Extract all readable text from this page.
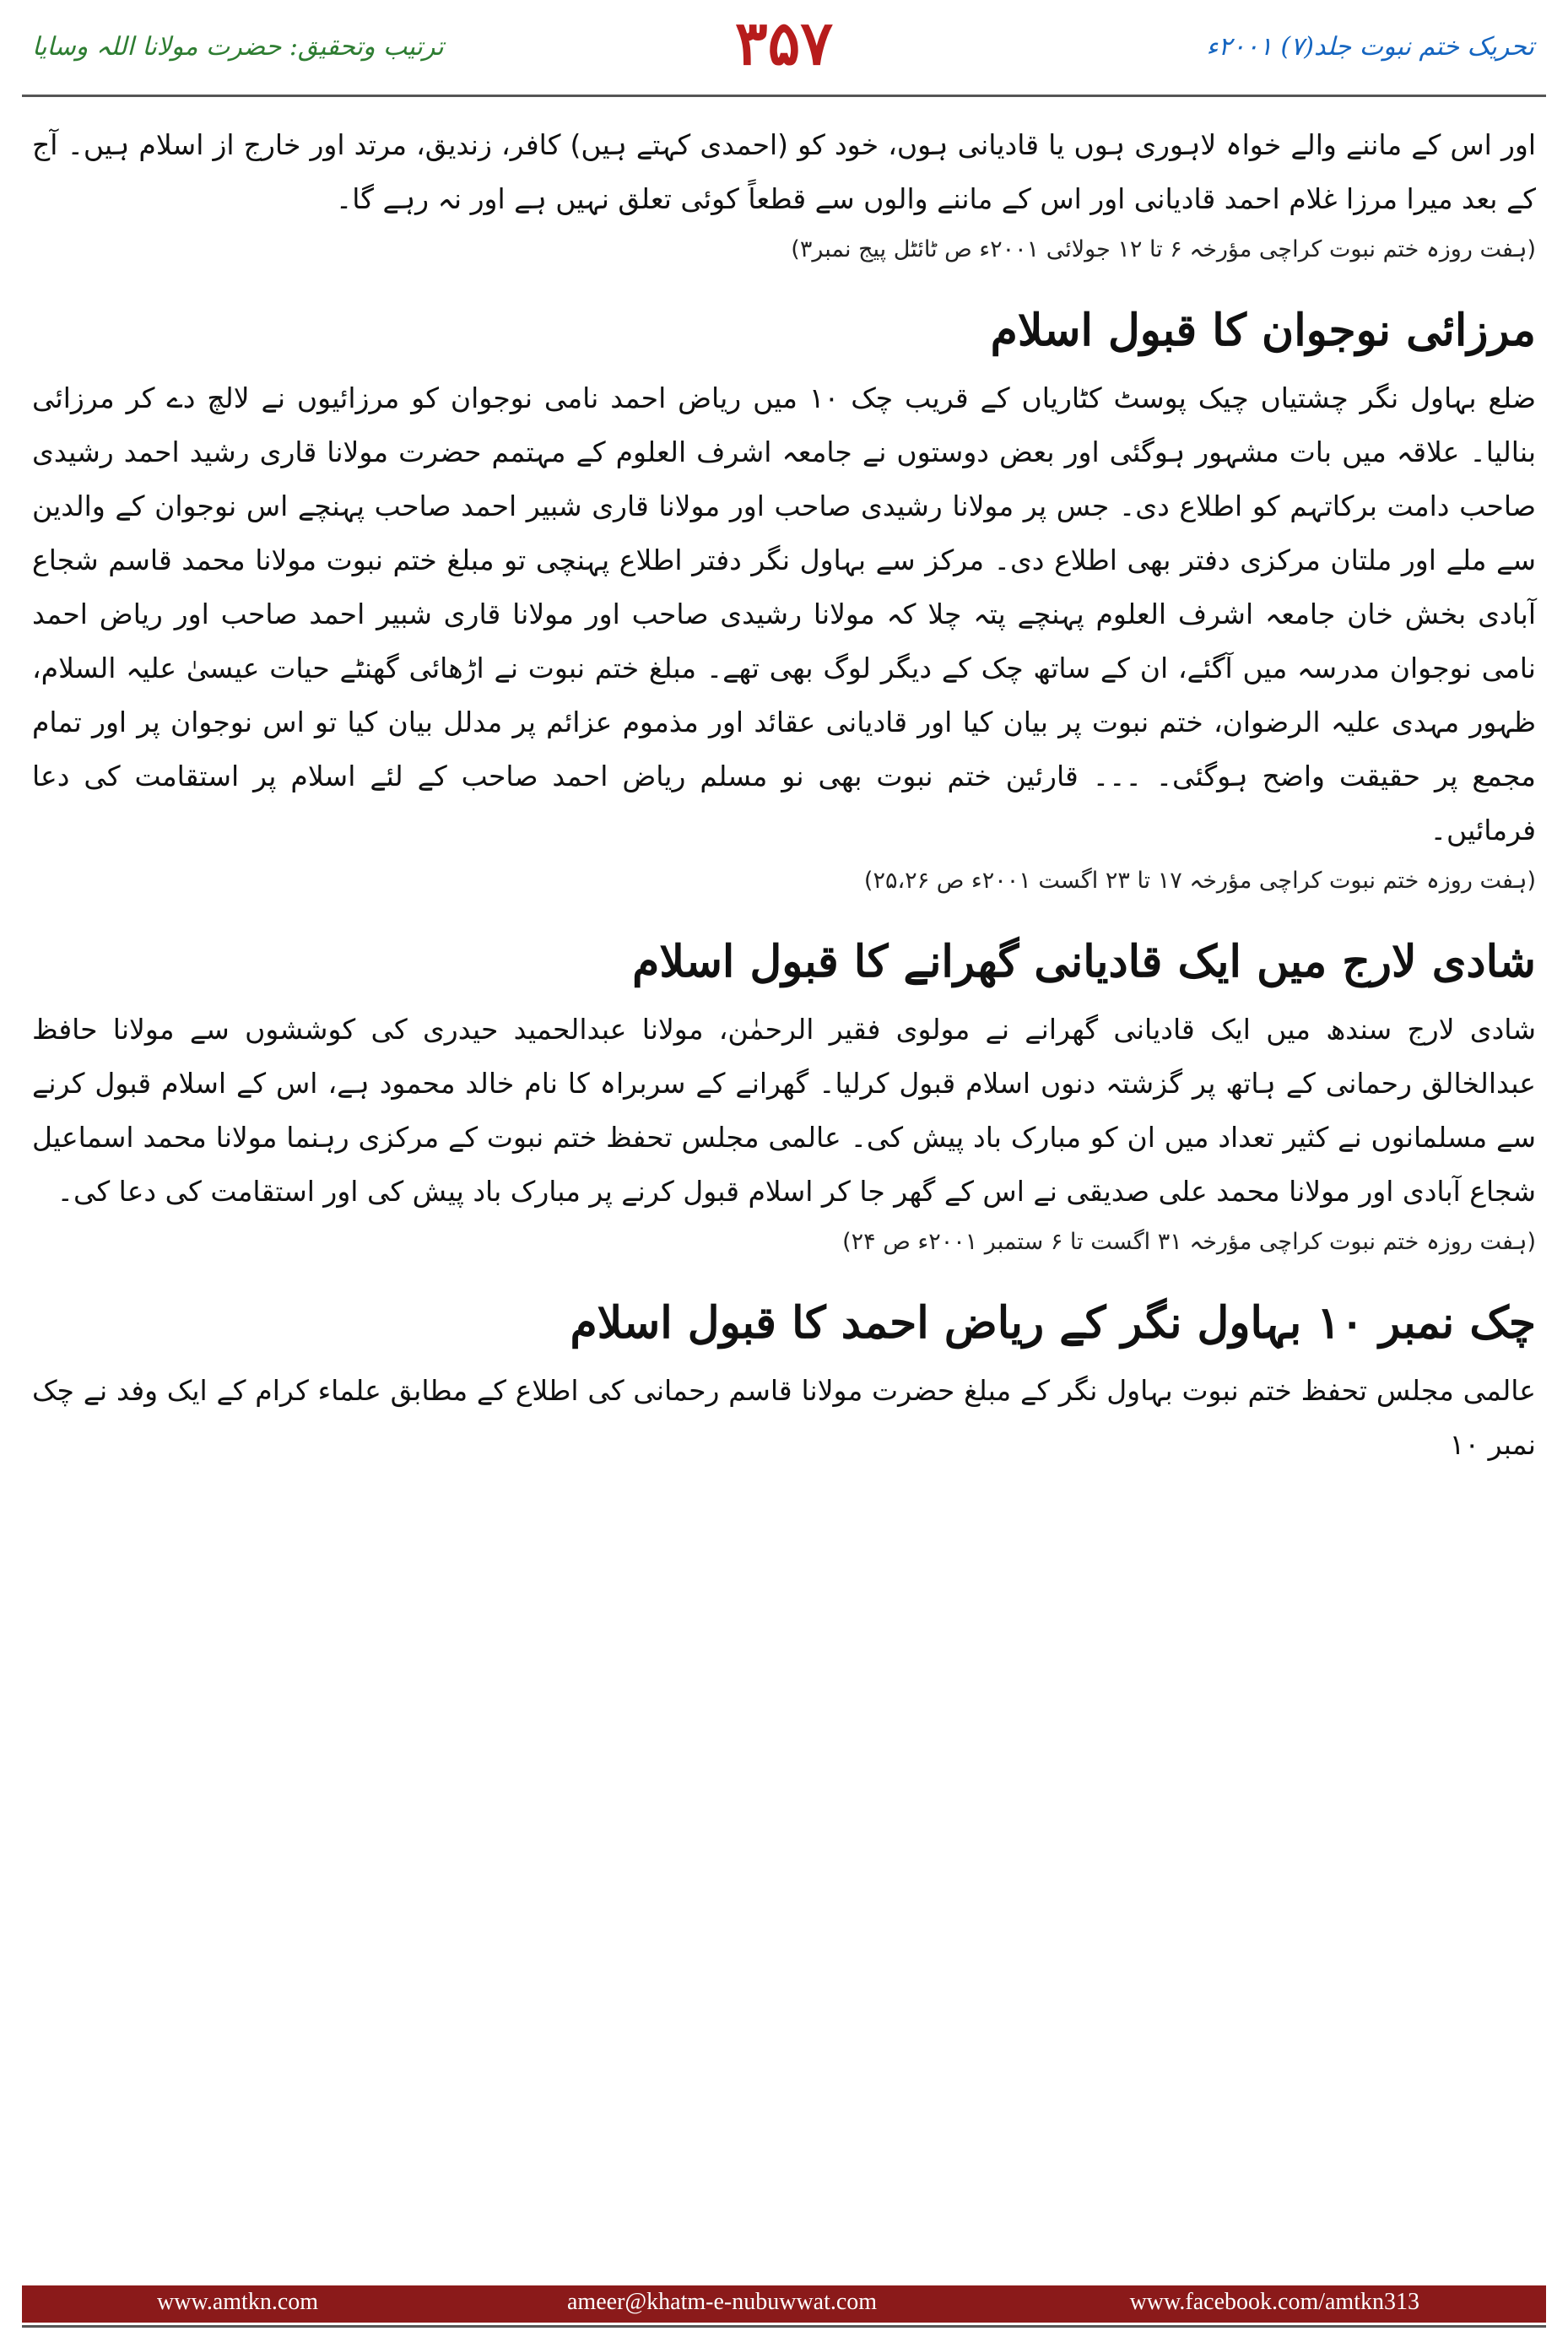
ترتیب وتحقیق: حضرت مولانا اللہ وسایا	۳۵۷	تحریک ختم نبوت جلد(۷) ۲۰۰۱ء

اور اس کے ماننے والے خواہ لاہوری ہوں یا قادیانی ہوں، خود کو (احمدی کہتے ہیں) کافر، زندیق، مرتد اور خارج از اسلام ہیں۔ آج کے بعد میرا مرزا غلام احمد قادیانی اور اس کے ماننے والوں سے قطعاً کوئی تعلق نہیں ہے اور نہ رہے گا۔

(ہفت روزہ ختم نبوت کراچی مؤرخہ ۶ تا ۱۲ جولائی ۲۰۰۱ء ص ٹائٹل پیج نمبر۳)
مرزائی نوجوان کا قبول اسلام

ضلع بہاول نگر چشتیاں چیک پوسٹ کٹاریاں کے قریب چک ۱۰ میں ریاض احمد نامی نوجوان کو مرزائیوں نے لالچ دے کر مرزائی بنالیا۔ علاقہ میں بات مشہور ہوگئی اور بعض دوستوں نے جامعہ اشرف العلوم کے مہتمم حضرت مولانا قاری رشید احمد رشیدی صاحب دامت برکاتہم کو اطلاع دی۔ جس پر مولانا رشیدی صاحب اور مولانا قاری شبیر احمد صاحب پہنچے اس نوجوان کے والدین سے ملے اور ملتان مرکزی دفتر بھی اطلاع دی۔ مرکز سے بہاول نگر دفتر اطلاع پہنچی تو مبلغ ختم نبوت مولانا محمد قاسم شجاع آبادی بخش خان جامعہ اشرف العلوم پہنچے پتہ چلا کہ مولانا رشیدی صاحب اور مولانا قاری شبیر احمد صاحب اور ریاض احمد نامی نوجوان مدرسہ میں آگئے، ان کے ساتھ چک کے دیگر لوگ بھی تھے۔ مبلغ ختم نبوت نے اڑھائی گھنٹے حیات عیسیٰ علیہ السلام، ظہور مہدی علیہ الرضوان، ختم نبوت پر بیان کیا اور قادیانی عقائد اور مذموم عزائم پر مدلل بیان کیا تو اس نوجوان پر اور تمام مجمع پر حقیقت واضح ہوگئی۔ ۔۔۔ قارئین ختم نبوت بھی نو مسلم ریاض احمد صاحب کے لئے اسلام پر استقامت کی دعا فرمائیں۔

(ہفت روزہ ختم نبوت کراچی مؤرخہ ۱۷ تا ۲۳ اگست ۲۰۰۱ء ص ۲۵،۲۶)
شادی لارج میں ایک قادیانی گھرانے کا قبول اسلام

شادی لارج سندھ میں ایک قادیانی گھرانے نے مولوی فقیر الرحمٰن، مولانا عبدالحمید حیدری کی کوششوں سے مولانا حافظ عبدالخالق رحمانی کے ہاتھ پر گزشتہ دنوں اسلام قبول کرلیا۔ گھرانے کے سربراہ کا نام خالد محمود ہے، اس کے اسلام قبول کرنے سے مسلمانوں نے کثیر تعداد میں ان کو مبارک باد پیش کی۔ عالمی مجلس تحفظ ختم نبوت کے مرکزی رہنما مولانا محمد اسماعیل شجاع آبادی اور مولانا محمد علی صدیقی نے اس کے گھر جا کر اسلام قبول کرنے پر مبارک باد پیش کی اور استقامت کی دعا کی۔

(ہفت روزہ ختم نبوت کراچی مؤرخہ ۳۱ اگست تا ۶ ستمبر ۲۰۰۱ء ص ۲۴)
چک نمبر ۱۰ بہاول نگر کے ریاض احمد کا قبول اسلام

عالمی مجلس تحفظ ختم نبوت بہاول نگر کے مبلغ حضرت مولانا قاسم رحمانی کی اطلاع کے مطابق علماء کرام کے ایک وفد نے چک نمبر ۱۰

www.amtkn.com	ameer@khatm-e-nubuwwat.com	www.facebook.com/amtkn313
